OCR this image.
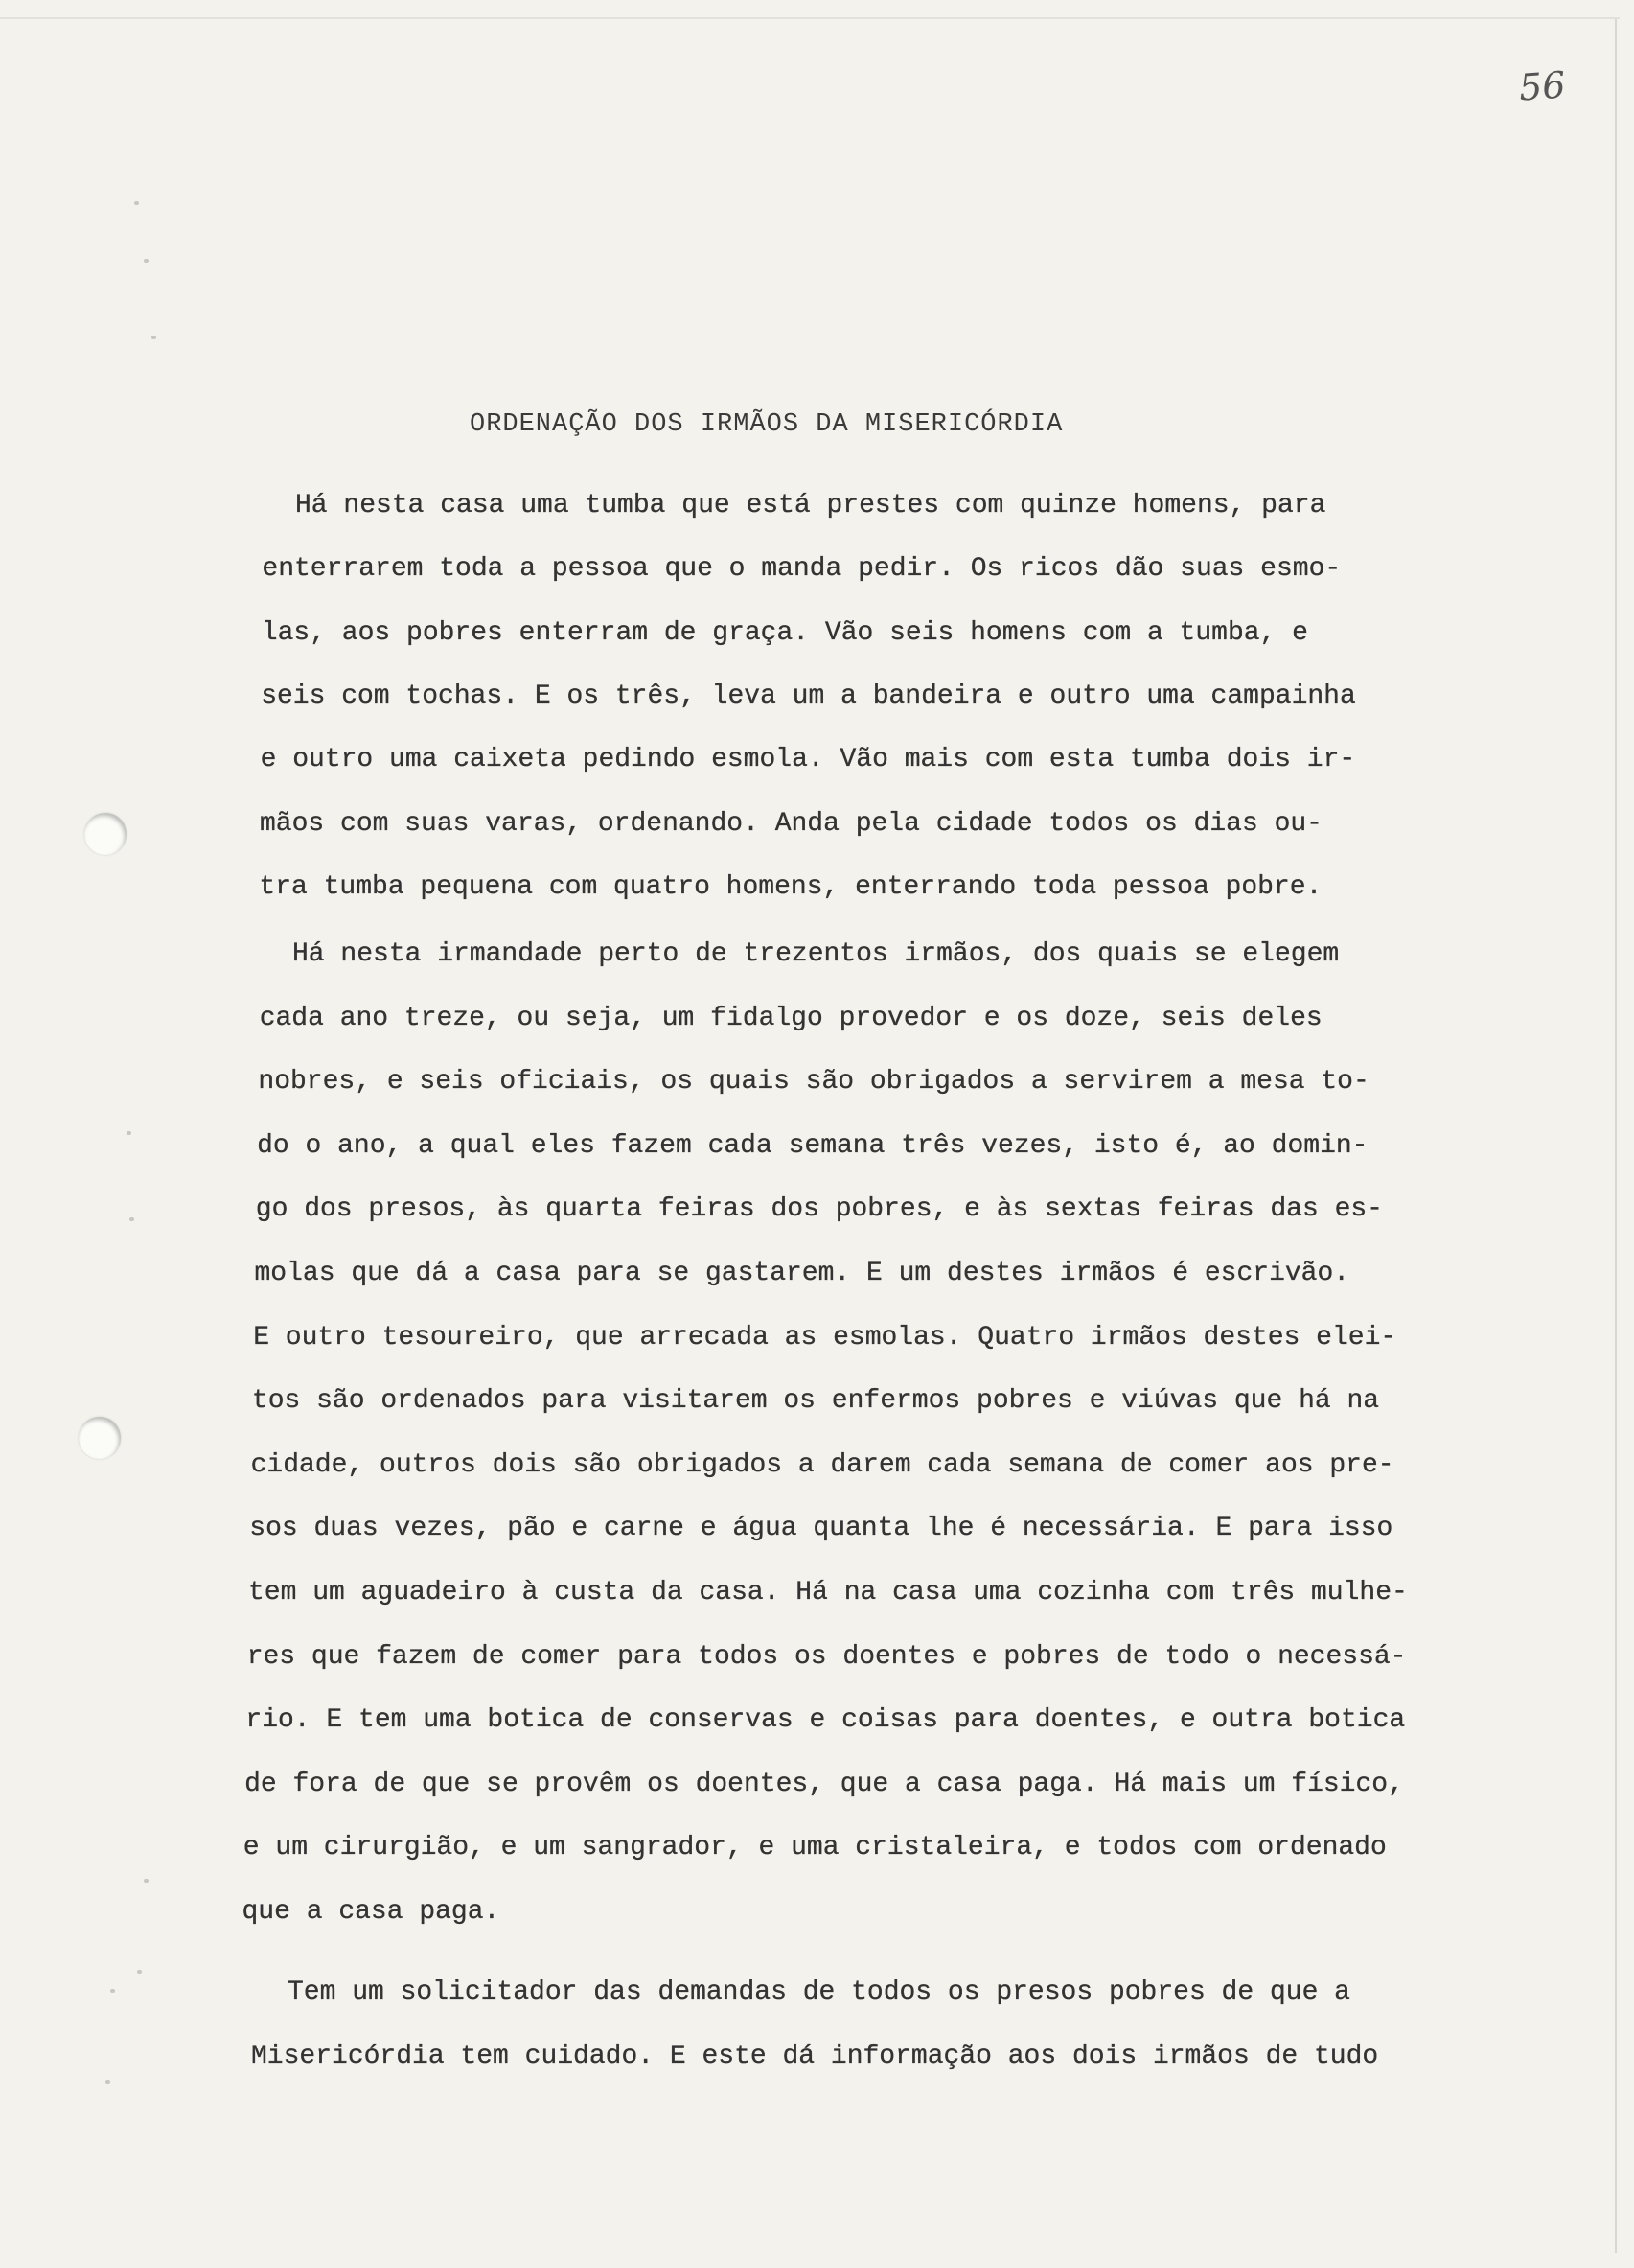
56
ORDENAÇÃO DOS IRMÃOS DA MISERICÓRDIA
Há nesta casa uma tumba que está prestes com quinze homens, para
enterrarem toda a pessoa que o manda pedir. Os ricos dão suas esmo-
las, aos pobres enterram de graça. Vão seis homens com a tumba, e
seis com tochas. E os três, leva um a bandeira e outro uma campainha
e outro uma caixeta pedindo esmola. Vão mais com esta tumba dois ir-
mãos com suas varas, ordenando. Anda pela cidade todos os dias ou-
tra tumba pequena com quatro homens, enterrando toda pessoa pobre.
Há nesta irmandade perto de trezentos irmãos, dos quais se elegem
cada ano treze, ou seja, um fidalgo provedor e os doze, seis deles
nobres, e seis oficiais, os quais são obrigados a servirem a mesa to-
do o ano, a qual eles fazem cada semana três vezes, isto é, ao domin-
go dos presos, às quarta feiras dos pobres, e às sextas feiras das es-
molas que dá a casa para se gastarem. E um destes irmãos é escrivão.
E outro tesoureiro, que arrecada as esmolas. Quatro irmãos destes elei-
tos são ordenados para visitarem os enfermos pobres e viúvas que há na
cidade, outros dois são obrigados a darem cada semana de comer aos pre-
sos duas vezes, pão e carne e água quanta lhe é necessária. E para isso
tem um aguadeiro à custa da casa. Há na casa uma cozinha com três mulhe-
res que fazem de comer para todos os doentes e pobres de todo o necessá-
rio. E tem uma botica de conservas e coisas para doentes, e outra botica
de fora de que se provêm os doentes, que a casa paga. Há mais um físico,
e um cirurgião, e um sangrador, e uma cristaleira, e todos com ordenado
que a casa paga.
Tem um solicitador das demandas de todos os presos pobres de que a
Misericórdia tem cuidado. E este dá informação aos dois irmãos de tudo
